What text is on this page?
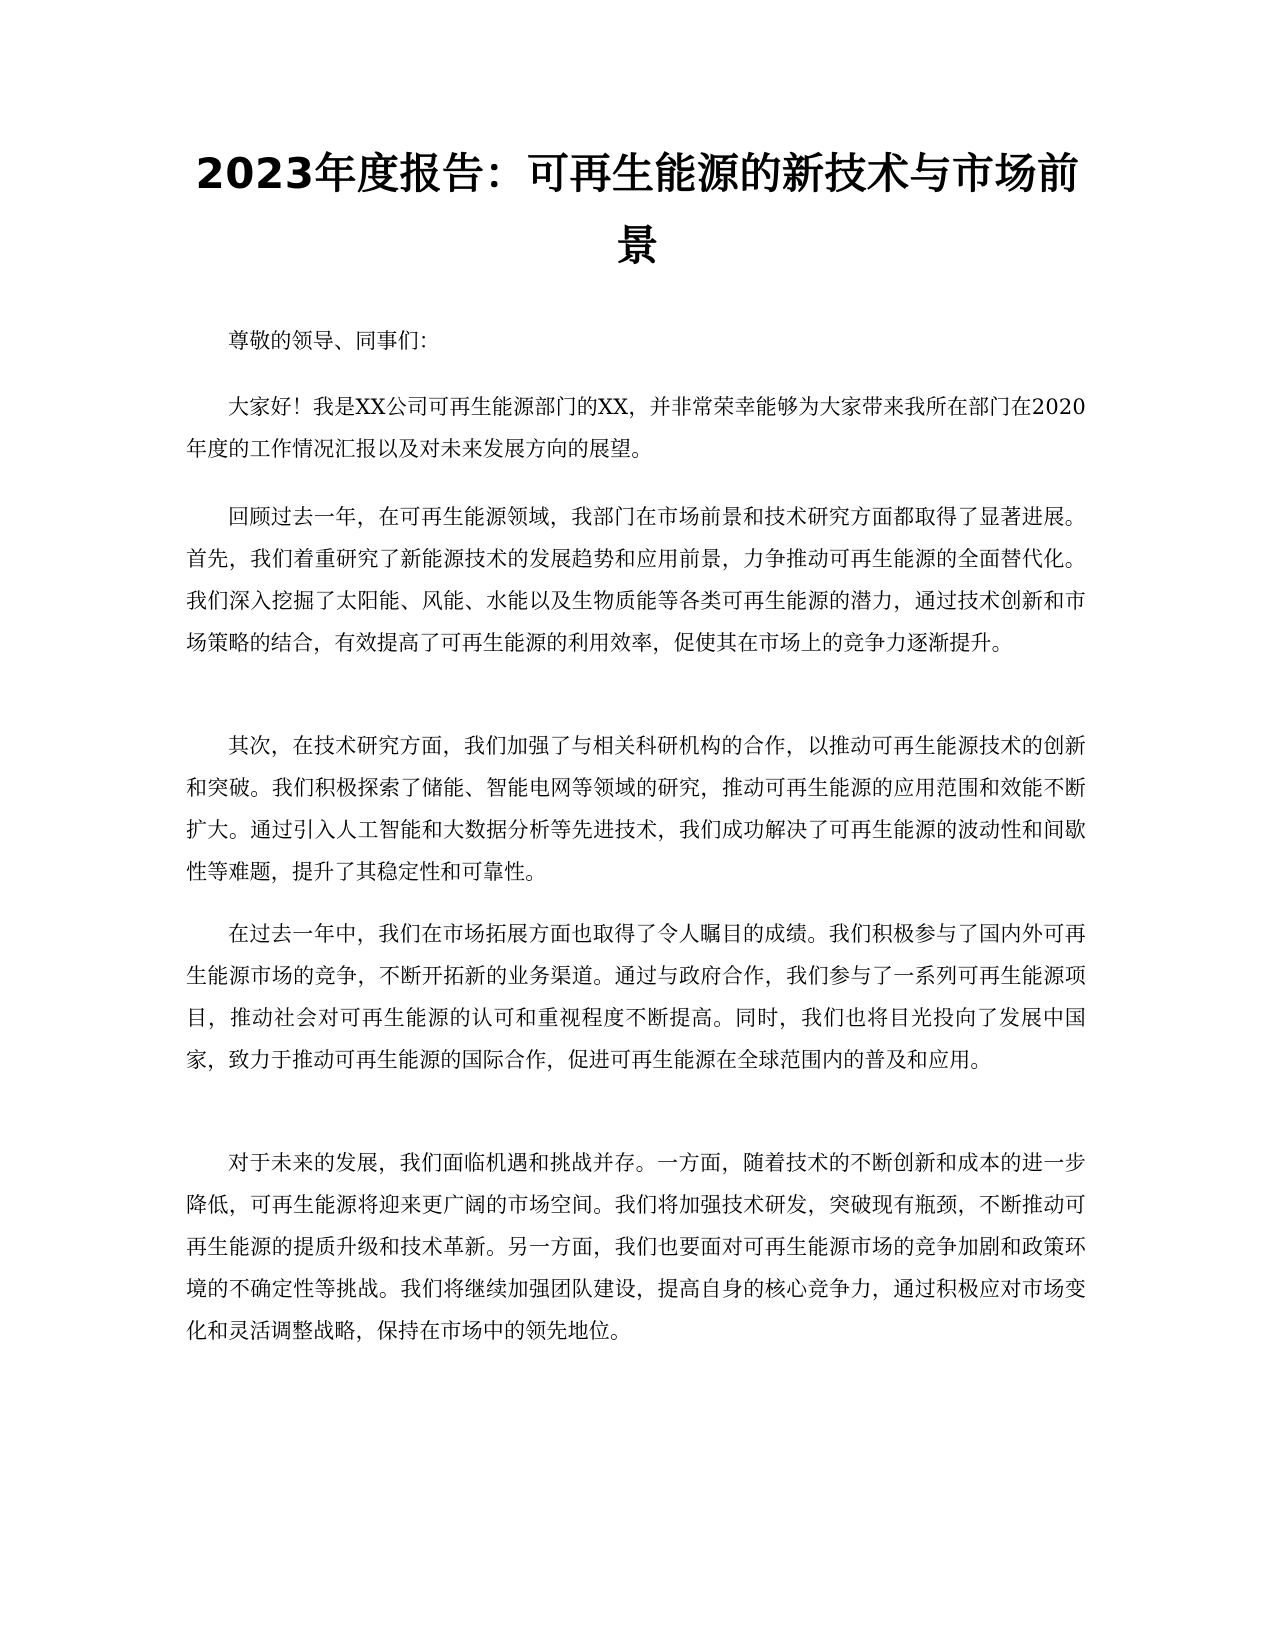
2023年度报告：可再生能源的新技术与市场前景

尊敬的领导、同事们：

大家好！我是XX公司可再生能源部门的XX，并非常荣幸能够为大家带来我所在部门在2020年度的工作情况汇报以及对未来发展方向的展望。

回顾过去一年，在可再生能源领域，我部门在市场前景和技术研究方面都取得了显著进展。首先，我们着重研究了新能源技术的发展趋势和应用前景，力争推动可再生能源的全面替代化。我们深入挖掘了太阳能、风能、水能以及生物质能等各类可再生能源的潜力，通过技术创新和市场策略的结合，有效提高了可再生能源的利用效率，促使其在市场上的竞争力逐渐提升。

其次，在技术研究方面，我们加强了与相关科研机构的合作，以推动可再生能源技术的创新和突破。我们积极探索了储能、智能电网等领域的研究，推动可再生能源的应用范围和效能不断扩大。通过引入人工智能和大数据分析等先进技术，我们成功解决了可再生能源的波动性和间歇性等难题，提升了其稳定性和可靠性。

在过去一年中，我们在市场拓展方面也取得了令人瞩目的成绩。我们积极参与了国内外可再生能源市场的竞争，不断开拓新的业务渠道。通过与政府合作，我们参与了一系列可再生能源项目，推动社会对可再生能源的认可和重视程度不断提高。同时，我们也将目光投向了发展中国家，致力于推动可再生能源的国际合作，促进可再生能源在全球范围内的普及和应用。

对于未来的发展，我们面临机遇和挑战并存。一方面，随着技术的不断创新和成本的进一步降低，可再生能源将迎来更广阔的市场空间。我们将加强技术研发，突破现有瓶颈，不断推动可再生能源的提质升级和技术革新。另一方面，我们也要面对可再生能源市场的竞争加剧和政策环境的不确定性等挑战。我们将继续加强团队建设，提高自身的核心竞争力，通过积极应对市场变化和灵活调整战略，保持在市场中的领先地位。
